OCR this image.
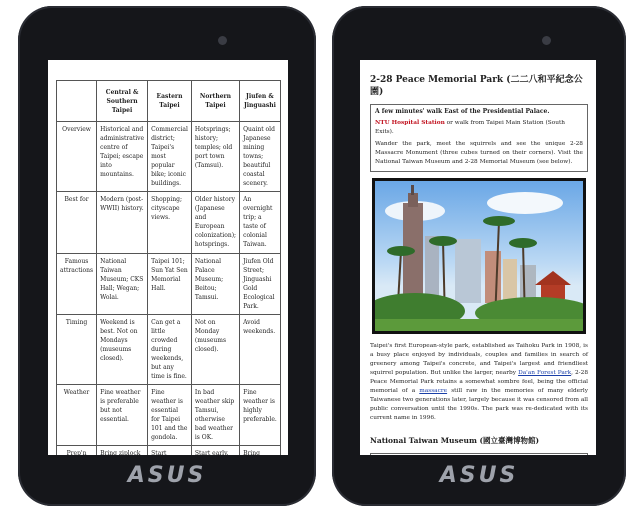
	Central & Southern Taipei	Eastern Taipei	Northern Taipei	Jiufen & Jinguashi
Overview	Historical and administrative centre of Taipei; escape into mountains.	Commercial district; Taipei's most popular bike; iconic buildings.	Hotsprings; history; temples; old port town (Tamsui).	Quaint old Japanese mining towns; beautiful coastal scenery.
Best for	Modern (post-WWII) history.	Shopping; cityscape views.	Older history (Japanese and European colonization); hotsprings.	An overnight trip; a taste of colonial Taiwan.
Famous attractions	National Taiwan Museum; CKS Hall; Wegan; Wolai.	Taipei 101; Sun Yat Sen Memorial Hall.	National Palace Museum; Beitou; Tamsui.	Jiufen Old Street; Jinguashi Gold Ecological Park.
Timing	Weekend is best. Not on Mondays (museums closed).	Can get a little crowded during weekends, but any time is fine.	Not on Monday (museums closed).	Avoid weekends.
Weather	Fine weather is preferable but not essential.	Fine weather is essential for Taipei 101 and the gondola.	In bad weather skip Tamsui, otherwise bad weather is OK.	Fine weather is highly preferable.
Prep'n	Bring ziplock	Start	Start early.	Bring
ASUS
2-28 Peace Memorial Park (二二八和平紀念公園)
A few minutes' walk East of the Presidential Palace.
NTU Hospital Station or walk from Taipei Main Station (South Exits).

Wander the park, meet the squirrels and see the unique 2-28 Massacre Monument (three cubes turned on their corners). Visit the National Taiwan Museum and 2-28 Memorial Museum (see below).

Taipei's first European-style park, established as Taihoku Park in 1908, is a busy place enjoyed by individuals, couples and families in search of greenery among Taipei's concrete, and Taipei's largest and friendliest squirrel population. But unlike the larger, nearby Da'an Forest Park, 2-28 Peace Memorial Park retains a somewhat sombre feel, being the official memorial of a massacre still raw in the memories of many elderly Taiwanese two generations later, largely because it was censored from all public conversation until the 1990s. The park was re-dedicated with its current name in 1996.

National Taiwan Museum (國立臺灣博物館)
ASUS
